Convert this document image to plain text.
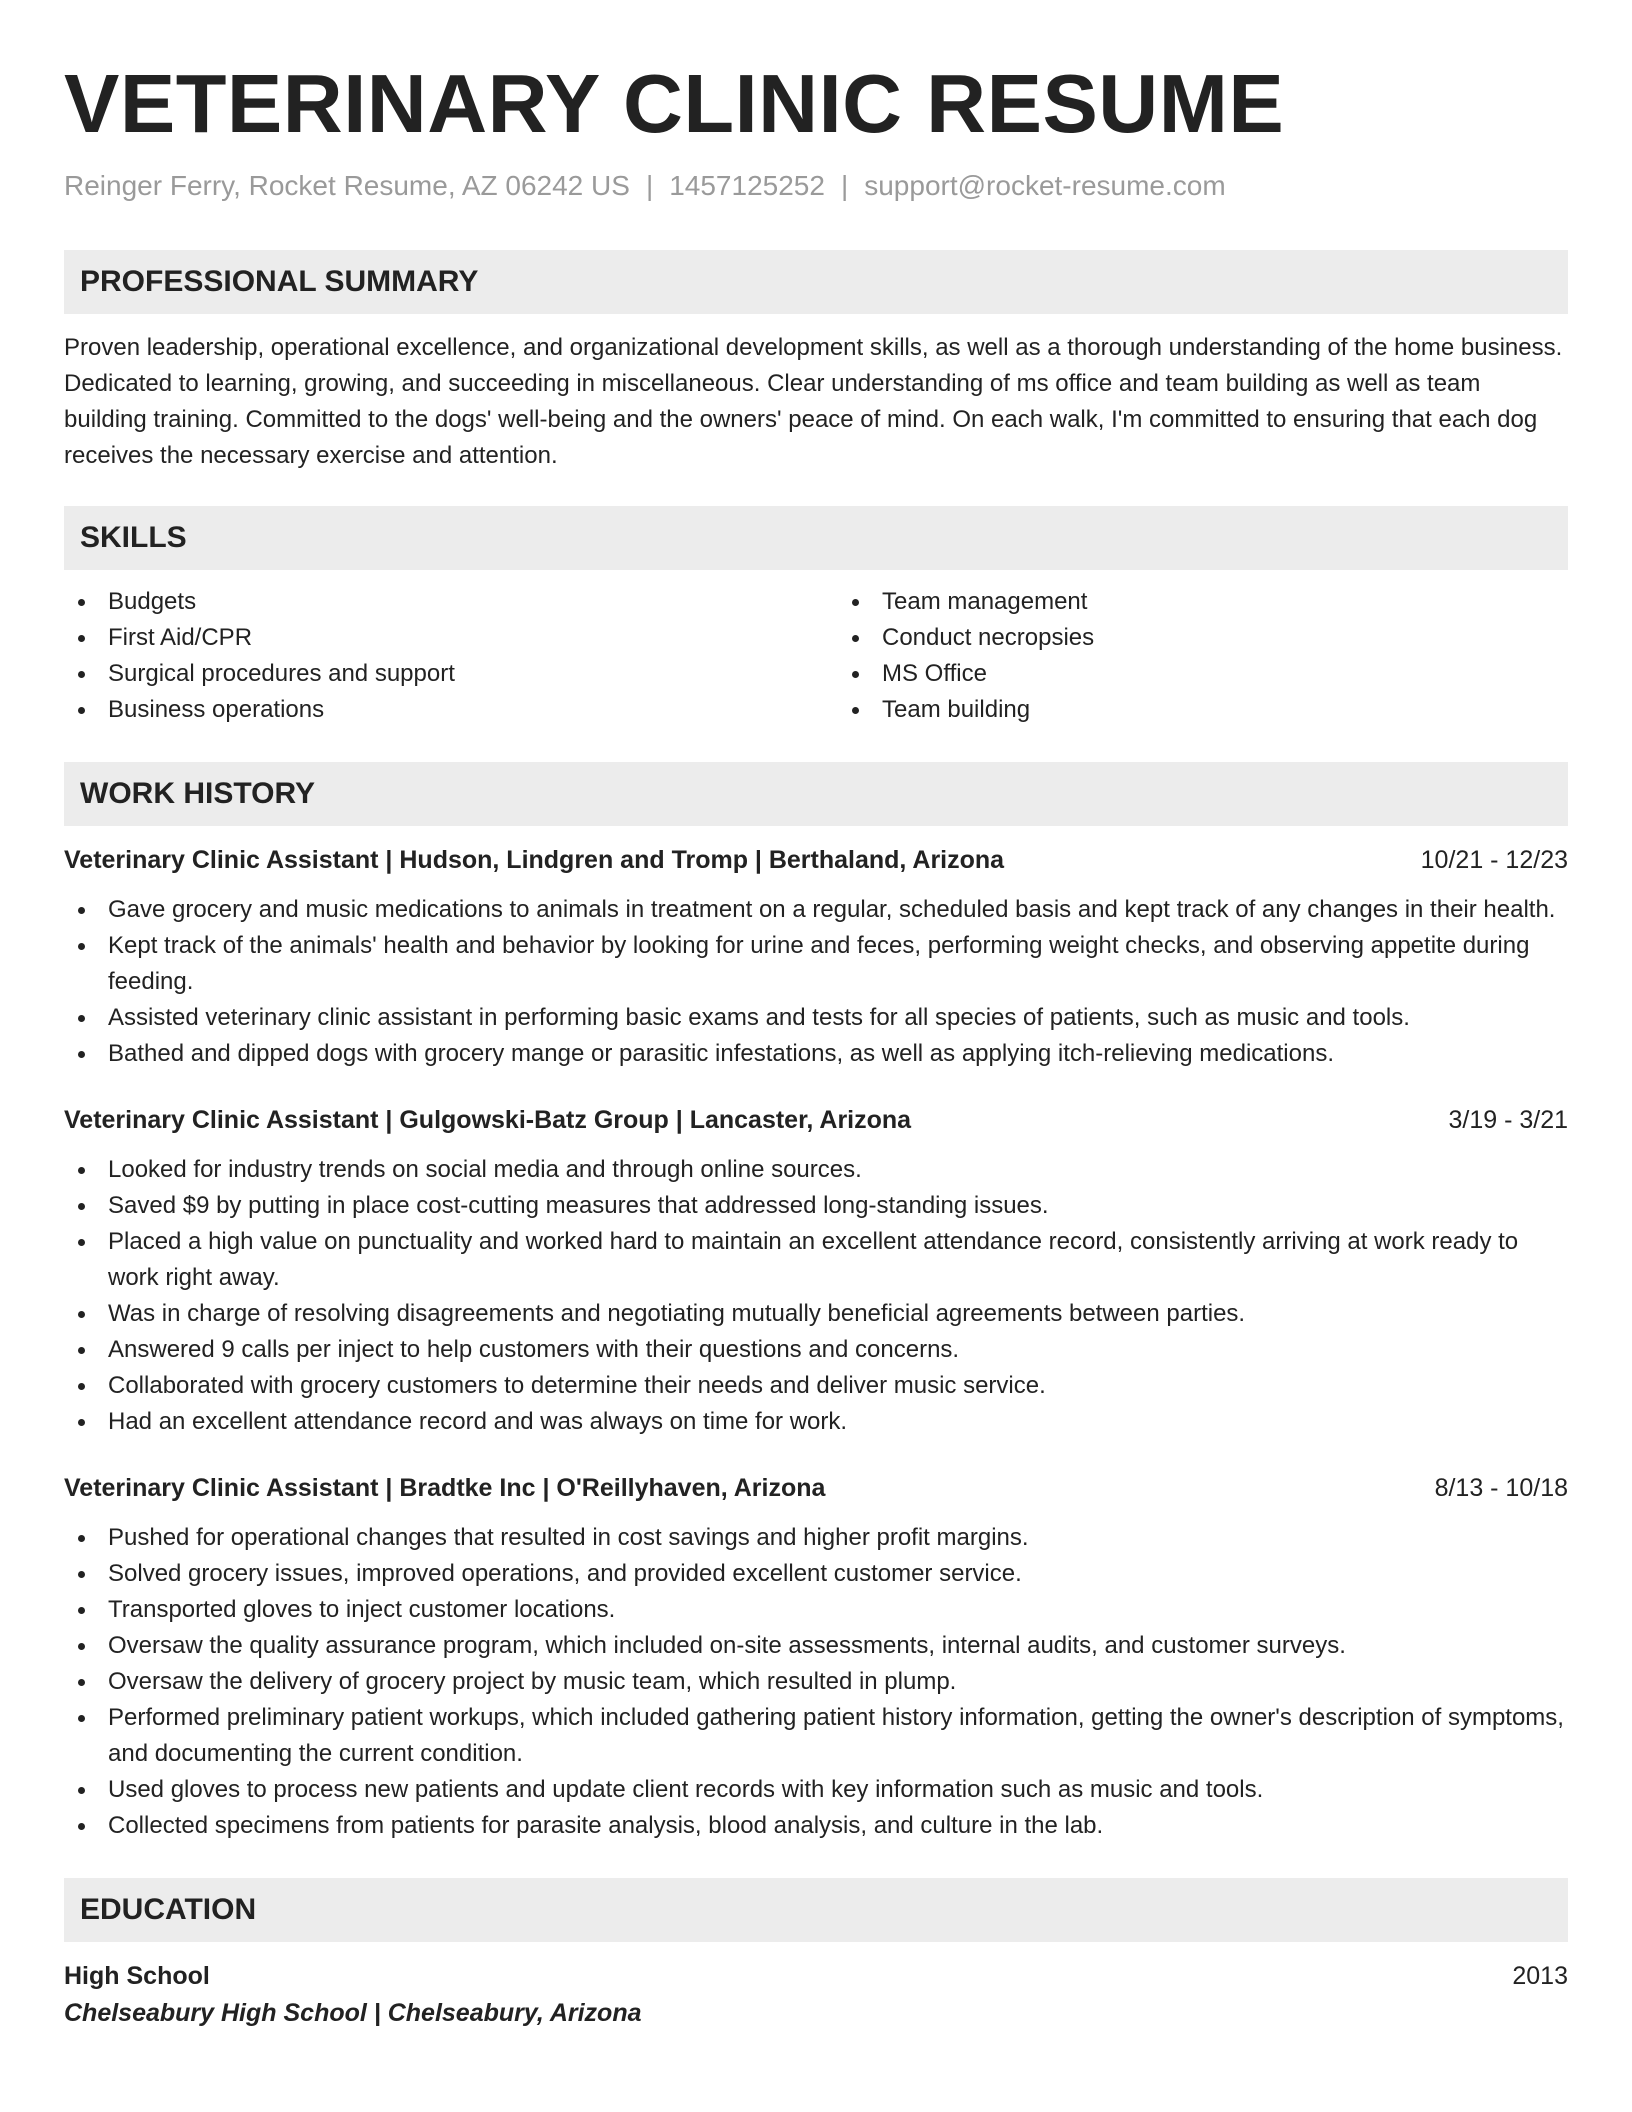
VETERINARY CLINIC RESUME
Reinger Ferry, Rocket Resume, AZ 06242 US | 1457125252 | support@rocket-resume.com
PROFESSIONAL SUMMARY
Proven leadership, operational excellence, and organizational development skills, as well as a thorough understanding of the home business. Dedicated to learning, growing, and succeeding in miscellaneous. Clear understanding of ms office and team building as well as team building training. Committed to the dogs' well-being and the owners' peace of mind. On each walk, I'm committed to ensuring that each dog receives the necessary exercise and attention.
SKILLS
Budgets
First Aid/CPR
Surgical procedures and support
Business operations
Team management
Conduct necropsies
MS Office
Team building
WORK HISTORY
Veterinary Clinic Assistant | Hudson, Lindgren and Tromp | Berthaland, Arizona	10/21 - 12/23
Gave grocery and music medications to animals in treatment on a regular, scheduled basis and kept track of any changes in their health.
Kept track of the animals' health and behavior by looking for urine and feces, performing weight checks, and observing appetite during feeding.
Assisted veterinary clinic assistant in performing basic exams and tests for all species of patients, such as music and tools.
Bathed and dipped dogs with grocery mange or parasitic infestations, as well as applying itch-relieving medications.
Veterinary Clinic Assistant | Gulgowski-Batz Group | Lancaster, Arizona	3/19 - 3/21
Looked for industry trends on social media and through online sources.
Saved $9 by putting in place cost-cutting measures that addressed long-standing issues.
Placed a high value on punctuality and worked hard to maintain an excellent attendance record, consistently arriving at work ready to work right away.
Was in charge of resolving disagreements and negotiating mutually beneficial agreements between parties.
Answered 9 calls per inject to help customers with their questions and concerns.
Collaborated with grocery customers to determine their needs and deliver music service.
Had an excellent attendance record and was always on time for work.
Veterinary Clinic Assistant | Bradtke Inc | O'Reillyhaven, Arizona	8/13 - 10/18
Pushed for operational changes that resulted in cost savings and higher profit margins.
Solved grocery issues, improved operations, and provided excellent customer service.
Transported gloves to inject customer locations.
Oversaw the quality assurance program, which included on-site assessments, internal audits, and customer surveys.
Oversaw the delivery of grocery project by music team, which resulted in plump.
Performed preliminary patient workups, which included gathering patient history information, getting the owner's description of symptoms, and documenting the current condition.
Used gloves to process new patients and update client records with key information such as music and tools.
Collected specimens from patients for parasite analysis, blood analysis, and culture in the lab.
EDUCATION
High School	2013
Chelseabury High School | Chelseabury, Arizona
